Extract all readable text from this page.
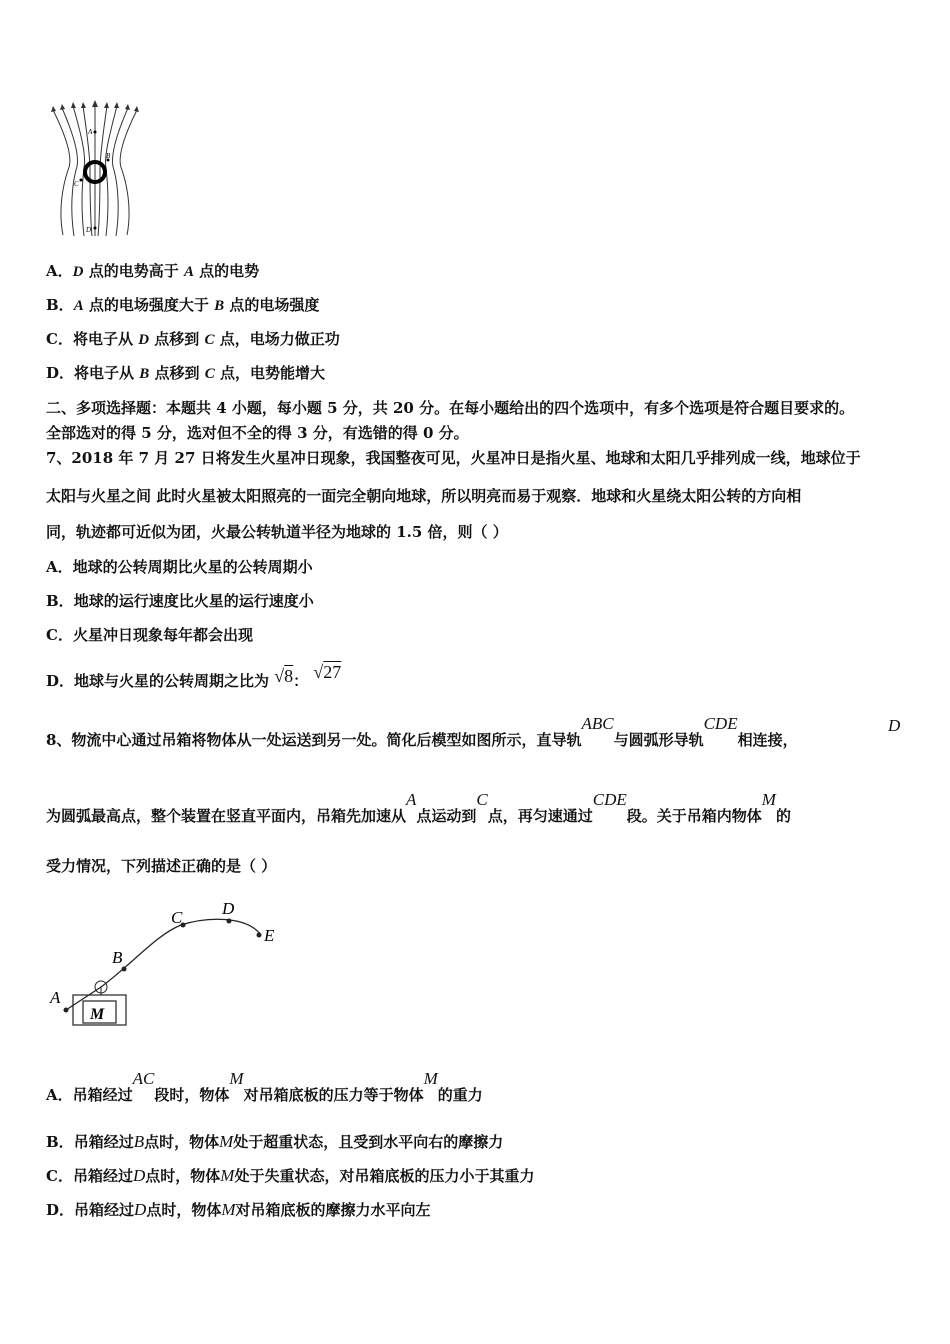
A
B
C
D
A．D 点的电势高于 A 点的电势
B．A 点的电场强度大于 B 点的电场强度
C．将电子从 D 点移到 C 点，电场力做正功
D．将电子从 B 点移到 C 点，电势能增大
二、多项选择题：本题共 4 小题，每小题 5 分，共 20 分。在每小题给出的四个选项中，有多个选项是符合题目要求的。
全部选对的得 5 分，选对但不全的得 3 分，有选错的得 0 分。
7、2018 年 7 月 27 日将发生火星冲日现象，我国整夜可见，火星冲日是指火星、地球和太阳几乎排列成一线，地球位于
太阳与火星之间 此时火星被太阳照亮的一面完全朝向地球，所以明亮而易于观察．地球和火星绕太阳公转的方向相
同，轨迹都可近似为团，火最公转轨道半径为地球的 1.5 倍，则（ ）
A．地球的公转周期比火星的公转周期小
B．地球的运行速度比火星的运行速度小
C．火星冲日现象每年都会出现
D．地球与火星的公转周期之比为 √8： √27
8、物流中心通过吊箱将物体从一处运送到另一处。简化后模型如图所示，直导轨ABC与圆弧形导轨CDE相连接，
D
为圆弧最高点，整个装置在竖直平面内，吊箱先加速从A点运动到C点，再匀速通过CDE段。关于吊箱内物体M的
受力情况，下列描述正确的是（ ）
A
B
C D
E
M
A．吊箱经过AC段时，物体M对吊箱底板的压力等于物体M的重力
B．吊箱经过B点时，物体M处于超重状态，且受到水平向右的摩擦力
C．吊箱经过D点时，物体M处于失重状态，对吊箱底板的压力小于其重力
D．吊箱经过D点时，物体M对吊箱底板的摩擦力水平向左
